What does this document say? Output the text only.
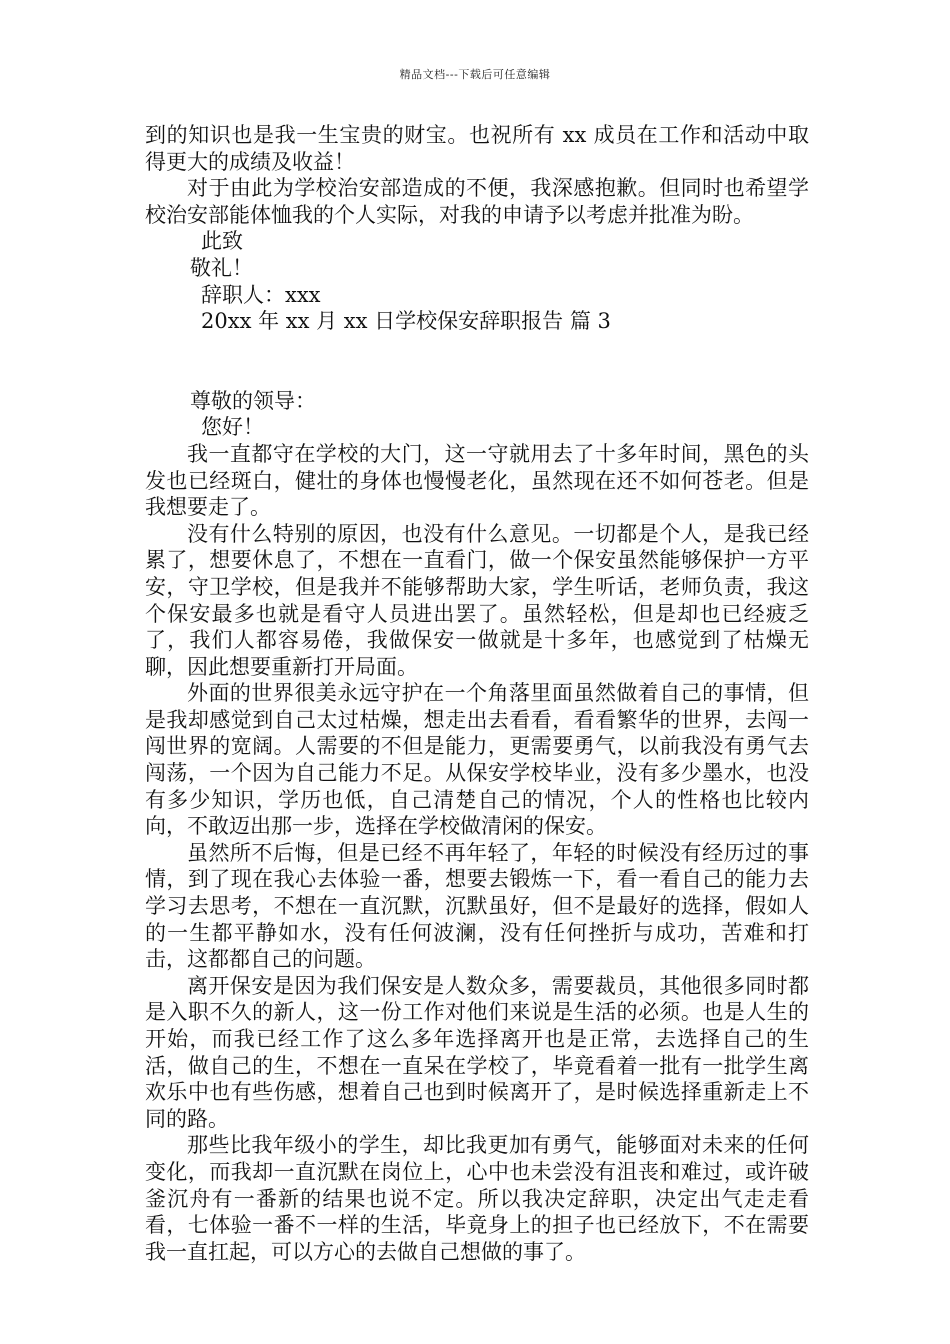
精品文档---下载后可任意编辑

到的知识也是我一生宝贵的财宝。也祝所有 xx 成员在工作和活动中取得更大的成绩及收益！

对于由此为学校治安部造成的不便，我深感抱歉。但同时也希望学校治安部能体恤我的个人实际，对我的申请予以考虑并批准为盼。

此致

敬礼！

辞职人：xxx

20xx 年 xx 月 xx 日学校保安辞职报告 篇 3

尊敬的领导：

您好！

我一直都守在学校的大门，这一守就用去了十多年时间，黑色的头发也已经斑白，健壮的身体也慢慢老化，虽然现在还不如何苍老。但是我想要走了。

没有什么特别的原因，也没有什么意见。一切都是个人，是我已经累了，想要休息了，不想在一直看门，做一个保安虽然能够保护一方平安，守卫学校，但是我并不能够帮助大家，学生听话，老师负责，我这个保安最多也就是看守人员进出罢了。虽然轻松，但是却也已经疲乏了，我们人都容易倦，我做保安一做就是十多年，也感觉到了枯燥无聊，因此想要重新打开局面。

外面的世界很美永远守护在一个角落里面虽然做着自己的事情，但是我却感觉到自己太过枯燥，想走出去看看，看看繁华的世界，去闯一闯世界的宽阔。人需要的不但是能力，更需要勇气，以前我没有勇气去闯荡，一个因为自己能力不足。从保安学校毕业，没有多少墨水，也没有多少知识，学历也低，自己清楚自己的情况，个人的性格也比较内向，不敢迈出那一步，选择在学校做清闲的保安。

虽然所不后悔，但是已经不再年轻了，年轻的时候没有经历过的事情，到了现在我心去体验一番，想要去锻炼一下，看一看自己的能力去学习去思考，不想在一直沉默，沉默虽好，但不是最好的选择，假如人的一生都平静如水，没有任何波澜，没有任何挫折与成功，苦难和打击，这都都自己的问题。

离开保安是因为我们保安是人数众多，需要裁员，其他很多同时都是入职不久的新人，这一份工作对他们来说是生活的必须。也是人生的开始，而我已经工作了这么多年选择离开也是正常，去选择自己的生活，做自己的生，不想在一直呆在学校了，毕竟看着一批有一批学生离欢乐中也有些伤感，想着自己也到时候离开了，是时候选择重新走上不同的路。

那些比我年级小的学生，却比我更加有勇气，能够面对未来的任何变化，而我却一直沉默在岗位上，心中也未尝没有沮丧和难过，或许破釜沉舟有一番新的结果也说不定。所以我决定辞职，决定出气走走看看，七体验一番不一样的生活，毕竟身上的担子也已经放下，不在需要我一直扛起，可以方心的去做自己想做的事了。
